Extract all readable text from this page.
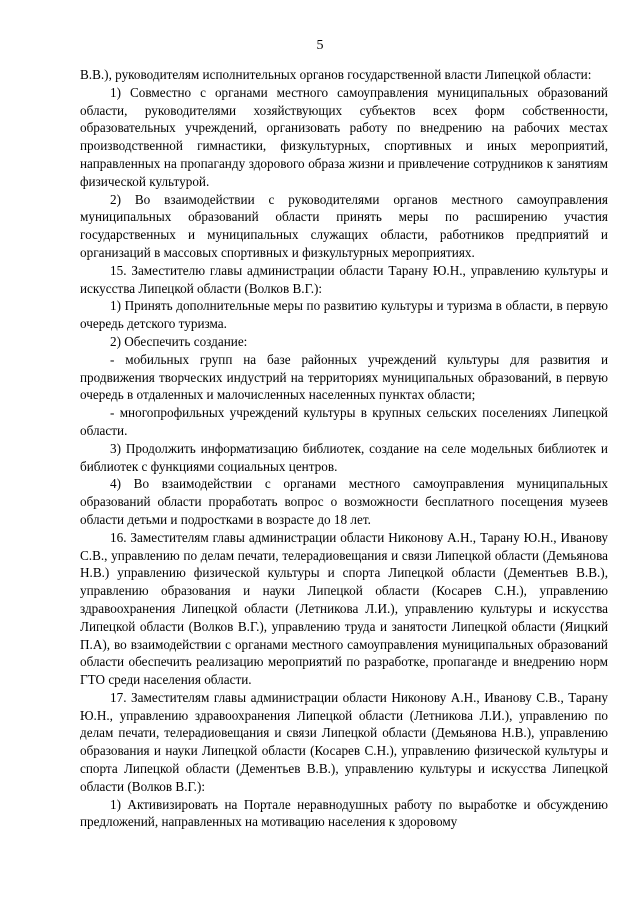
5

В.В.), руководителям исполнительных органов государственной власти Липецкой области:

1) Совместно с органами местного самоуправления муниципальных образований области, руководителями хозяйствующих субъектов всех форм собственности, образовательных учреждений, организовать работу по внедрению на рабочих местах производственной гимнастики, физкультурных, спортивных и иных мероприятий, направленных на пропаганду здорового образа жизни и привлечение сотрудников к занятиям физической культурой.

2) Во взаимодействии с руководителями органов местного самоуправления муниципальных образований области принять меры по расширению участия государственных и муниципальных служащих области, работников предприятий и организаций в массовых спортивных и физкультурных мероприятиях.

15. Заместителю главы администрации области Тарану Ю.Н., управлению культуры и искусства Липецкой области (Волков В.Г.):

1) Принять дополнительные меры по развитию культуры и туризма в области, в первую очередь детского туризма.

2) Обеспечить создание:

- мобильных групп на базе районных учреждений культуры для развития и продвижения творческих индустрий на территориях муниципальных образований, в первую очередь в отдаленных и малочисленных населенных пунктах области;

- многопрофильных учреждений культуры в крупных сельских поселениях Липецкой области.

3) Продолжить информатизацию библиотек, создание на селе модельных библиотек и библиотек с функциями социальных центров.

4) Во взаимодействии с органами местного самоуправления муниципальных образований области проработать вопрос о возможности бесплатного посещения музеев области детьми и подростками в возрасте до 18 лет.

16. Заместителям главы администрации области Никонову А.Н., Тарану Ю.Н., Иванову С.В., управлению по делам печати, телерадиовещания и связи Липецкой области (Демьянова Н.В.) управлению физической культуры и спорта Липецкой области (Дементьев В.В.), управлению образования и науки Липецкой области (Косарев С.Н.), управлению здравоохранения Липецкой области (Летникова Л.И.), управлению культуры и искусства Липецкой области (Волков В.Г.), управлению труда и занятости Липецкой области (Яицкий П.А), во взаимодействии с органами местного самоуправления муниципальных образований области обеспечить реализацию мероприятий по разработке, пропаганде и внедрению норм ГТО среди населения области.

17. Заместителям главы администрации области Никонову А.Н., Иванову С.В., Тарану Ю.Н., управлению здравоохранения Липецкой области (Летникова Л.И.), управлению по делам печати, телерадиовещания и связи Липецкой области (Демьянова Н.В.), управлению образования и науки Липецкой области (Косарев С.Н.), управлению физической культуры и спорта Липецкой области (Дементьев В.В.), управлению культуры и искусства Липецкой области (Волков В.Г.):

1) Активизировать на Портале неравнодушных работу по выработке и обсуждению предложений, направленных на мотивацию населения к здоровому
